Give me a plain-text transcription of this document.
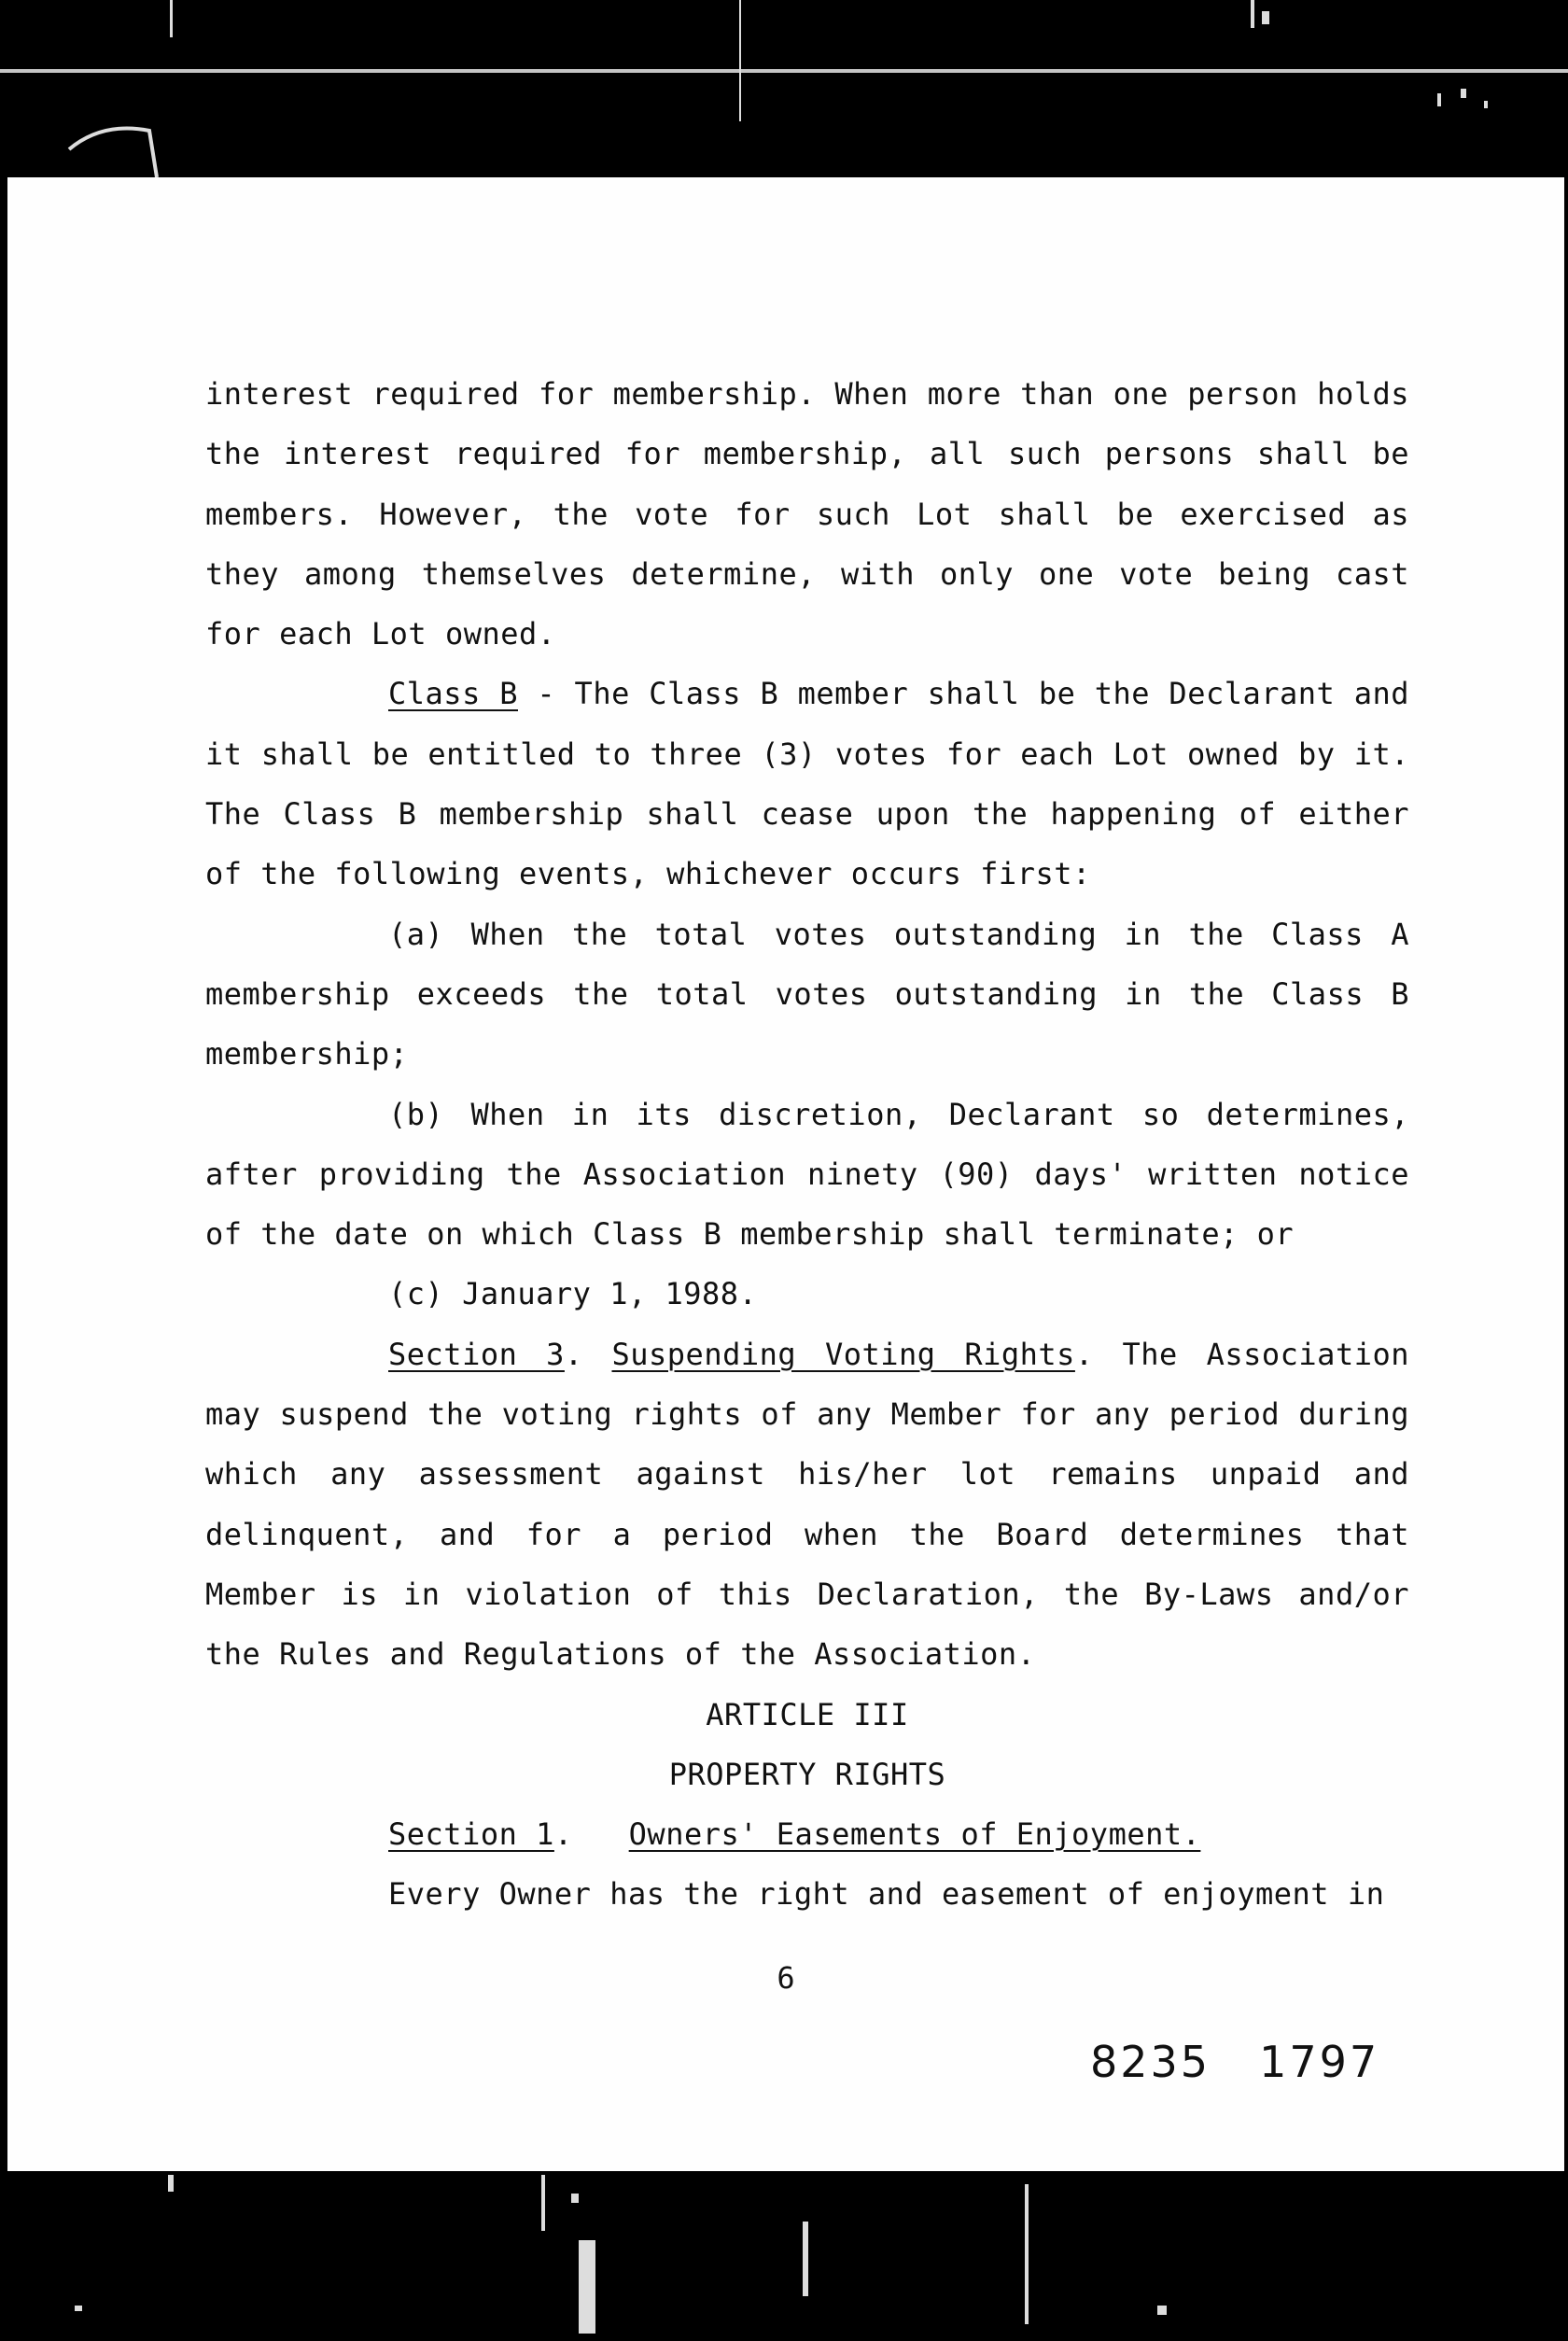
interest required for membership. When more than one person holds the interest required for membership, all such persons shall be members. However, the vote for such Lot shall be exercised as they among themselves determine, with only one vote being cast for each Lot owned.

Class B - The Class B member shall be the Declarant and it shall be entitled to three (3) votes for each Lot owned by it. The Class B membership shall cease upon the happening of either of the following events, whichever occurs first:

(a) When the total votes outstanding in the Class A membership exceeds the total votes outstanding in the Class B membership;

(b) When in its discretion, Declarant so determines, after providing the Association ninety (90) days' written notice of the date on which Class B membership shall terminate; or

(c) January 1, 1988.

Section 3. Suspending Voting Rights. The Association may suspend the voting rights of any Member for any period during which any assessment against his/her lot remains unpaid and delinquent, and for a period when the Board determines that Member is in violation of this Declaration, the By-Laws and/or the Rules and Regulations of the Association.

ARTICLE III

PROPERTY RIGHTS

Section 1. Owners' Easements of Enjoyment.

Every Owner has the right and easement of enjoyment in

6
8235 1797
